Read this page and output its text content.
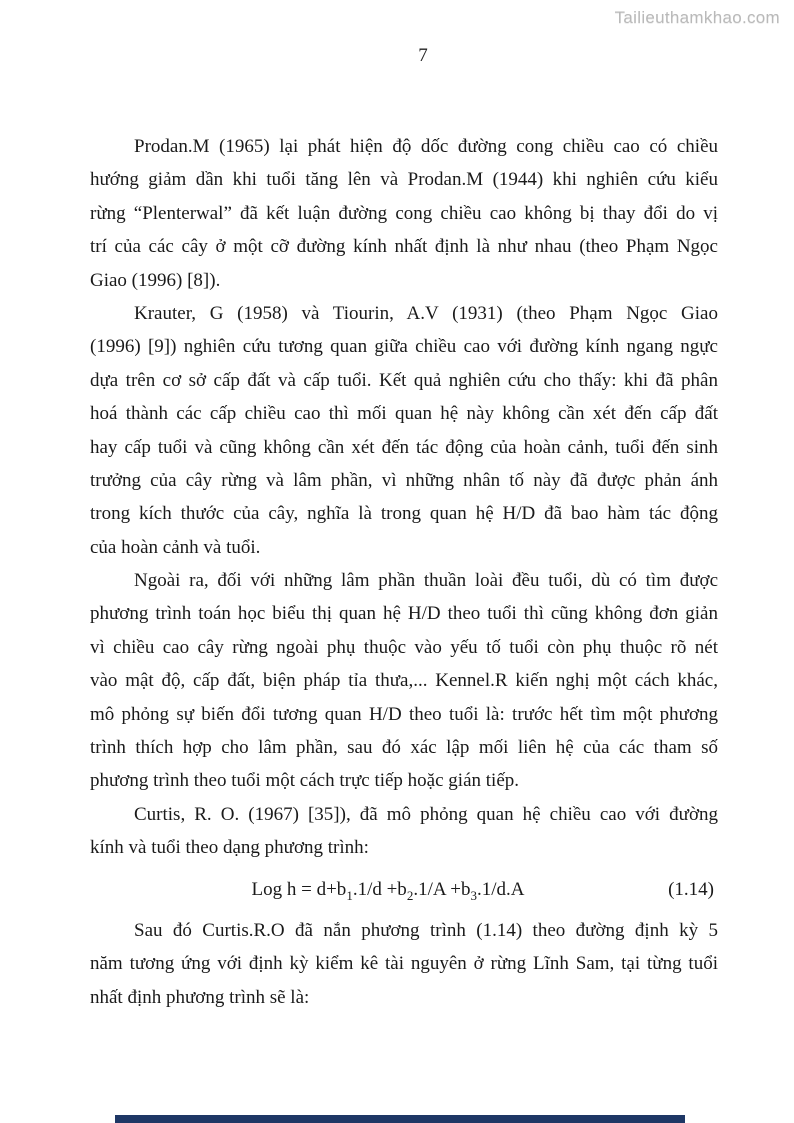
Tailieuthamkhao.com
7
Prodan.M (1965) lại phát hiện độ dốc đường cong chiều cao có chiều
hướng giảm dần khi tuổi tăng lên và Prodan.M (1944) khi nghiên cứu kiểu
rừng “Plenterwal” đã kết luận đường cong chiều cao không bị thay đổi do vị
trí của các cây ở một cỡ đường kính nhất định là như nhau (theo Phạm Ngọc
Giao (1996) [8]).
Krauter, G (1958) và Tiourin, A.V (1931) (theo Phạm Ngọc Giao
(1996) [9]) nghiên cứu tương quan giữa chiều cao với đường kính ngang ngực
dựa trên cơ sở cấp đất và cấp tuổi. Kết quả nghiên cứu cho thấy: khi đã phân
hoá thành các cấp chiều cao thì mối quan hệ này không cần xét đến cấp đất
hay cấp tuổi và cũng không cần xét đến tác động của hoàn cảnh, tuổi đến sinh
trưởng của cây rừng và lâm phần, vì những nhân tố này đã được phản ánh
trong kích thước của cây, nghĩa là trong quan hệ H/D đã bao hàm tác động
của hoàn cảnh và tuổi.
Ngoài ra, đối với những lâm phần thuần loài đều tuổi, dù có tìm được
phương trình toán học biểu thị quan hệ H/D theo tuổi thì cũng không đơn giản
vì chiều cao cây rừng ngoài phụ thuộc vào yếu tố tuổi còn phụ thuộc rõ nét
vào mật độ, cấp đất, biện pháp tỉa thưa,... Kennel.R kiến nghị một cách khác,
mô phỏng sự biến đổi tương quan H/D theo tuổi là: trước hết tìm một phương
trình thích hợp cho lâm phần, sau đó xác lập mối liên hệ của các tham số
phương trình theo tuổi một cách trực tiếp hoặc gián tiếp.
Curtis, R. O. (1967) [35]), đã mô phỏng quan hệ chiều cao với đường
kính và tuổi theo dạng phương trình:
Log $h = d+b_1.1/d +b_2.1/A +b_3.1/d.A$	(1.14)
Sau đó Curtis.R.O đã nắn phương trình (1.14) theo đường định kỳ 5
năm tương ứng với định kỳ kiểm kê tài nguyên ở rừng Lĩnh Sam, tại từng tuổi
nhất định phương trình sẽ là:
